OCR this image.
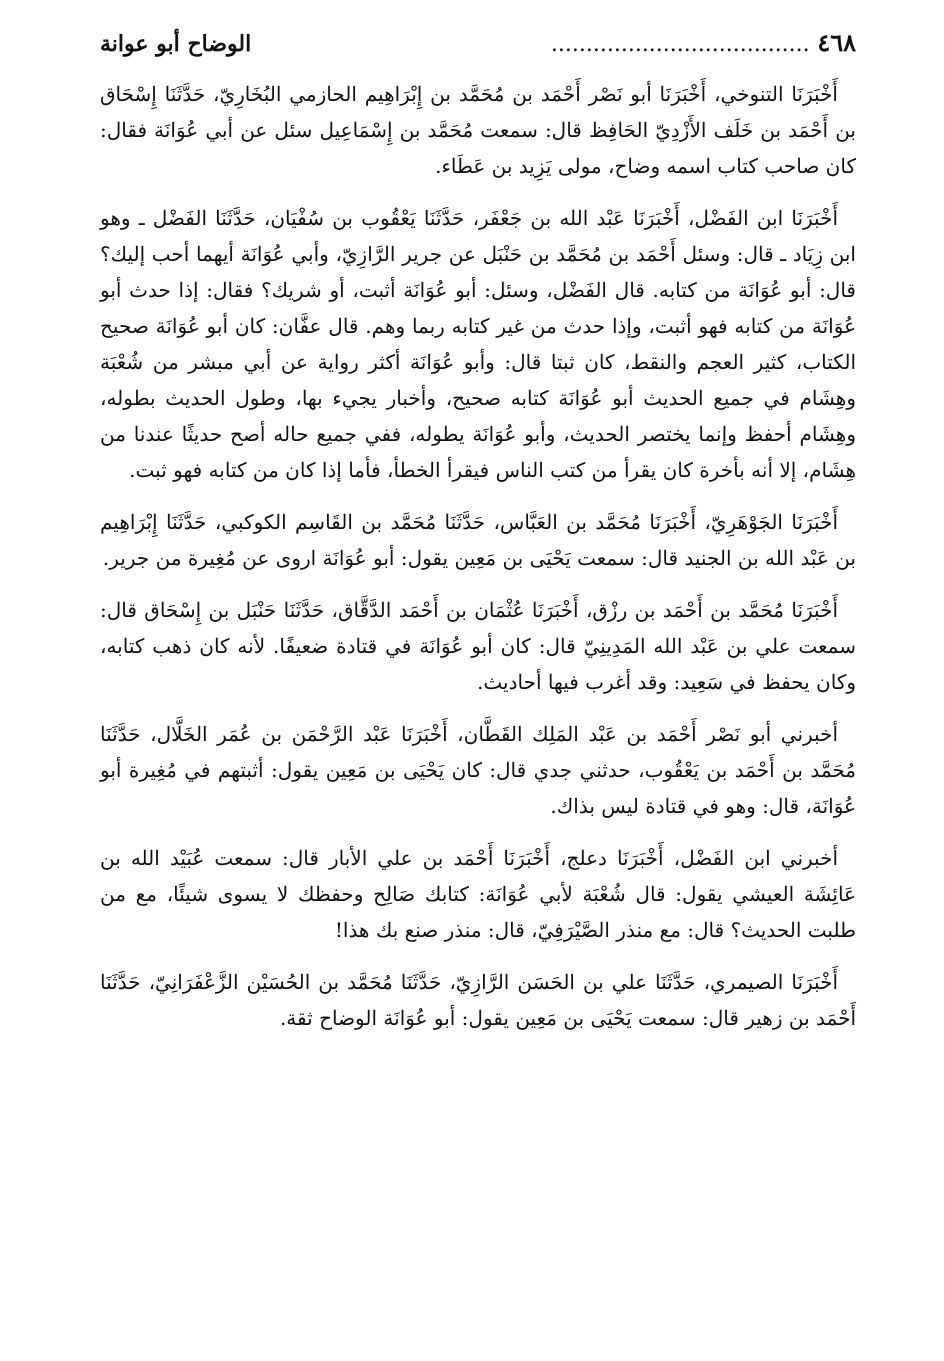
٤٦٨ .....................................
الوضاح أبو عوانة

أَخْبَرَنَا التنوخي، أَخْبَرَنَا أبو نَصْر أَحْمَد بن مُحَمَّد بن إِبْرَاهِيم الحازمي البُخَارِيّ، حَدَّثَنَا إِسْحَاق بن أَحْمَد بن خَلَف الأَزْدِيّ الحَافِظ قال: سمعت مُحَمَّد بن إِسْمَاعِيل سئل عن أبي عُوَانَة فقال: كان صاحب كتاب اسمه وضاح، مولى يَزِيد بن عَطَاء.

أَخْبَرَنَا ابن الفَضْل، أَخْبَرَنَا عَبْد الله بن جَعْفَر، حَدَّثَنَا يَعْقُوب بن سُفْيَان، حَدَّثَنَا الفَضْل ـ وهو ابن زِيَاد ـ قال: وسئل أَحْمَد بن مُحَمَّد بن حَنْبَل عن جرير الرَّازِيّ، وأبي عُوَانَة أيهما أحب إليك؟ قال: أبو عُوَانَة من كتابه. قال الفَضْل، وسئل: أبو عُوَانَة أثبت، أو شريك؟ فقال: إذا حدث أبو عُوَانَة من كتابه فهو أثبت، وإذا حدث من غير كتابه ربما وهم. قال عفَّان: كان أبو عُوَانَة صحيح الكتاب، كثير العجم والنقط، كان ثبتا قال: وأبو عُوَانَة أكثر رواية عن أبي مبشر من شُعْبَة وهِشَام في جميع الحديث أبو عُوَانَة كتابه صحيح، وأخبار يجيء بها، وطول الحديث بطوله، وهِشَام أحفظ وإنما يختصر الحديث، وأبو عُوَانَة يطوله، ففي جميع حاله أصح حديثًا عندنا من هِشَام، إلا أنه بأخرة كان يقرأ من كتب الناس فيقرأ الخطأ، فأما إذا كان من كتابه فهو ثبت.

أَخْبَرَنَا الجَوْهَرِيّ، أَخْبَرَنَا مُحَمَّد بن العَبَّاس، حَدَّثَنَا مُحَمَّد بن القَاسِم الكوكبي، حَدَّثَنَا إِبْرَاهِيم بن عَبْد الله بن الجنيد قال: سمعت يَحْيَى بن مَعِين يقول: أبو عُوَانَة اروى عن مُغِيرة من جرير.

أَخْبَرَنَا مُحَمَّد بن أَحْمَد بن رزْق، أَخْبَرَنَا عُثْمَان بن أَحْمَد الدَّقَّاق، حَدَّثَنَا حَنْبَل بن إِسْحَاق قال: سمعت علي بن عَبْد الله المَدِينِيّ قال: كان أبو عُوَانَة في قتادة ضعيفًا. لأنه كان ذهب كتابه، وكان يحفظ في سَعِيد: وقد أغرب فيها أحاديث.

أخبرني أبو نَصْر أَحْمَد بن عَبْد المَلِك القَطَّان، أَخْبَرَنَا عَبْد الرَّحْمَن بن عُمَر الخَلَّال، حَدَّثَنَا مُحَمَّد بن أَحْمَد بن يَعْقُوب، حدثني جدي قال: كان يَحْيَى بن مَعِين يقول: أثبتهم في مُغِيرة أبو عُوَانَة، قال: وهو في قتادة ليس بذاك.

أخبرني ابن الفَضْل، أَخْبَرَنَا دعلج، أَخْبَرَنَا أَحْمَد بن علي الأبار قال: سمعت عُبَيْد الله بن عَائِشَة العيشي يقول: قال شُعْبَة لأبي عُوَانَة: كتابك صَالِح وحفظك لا يسوى شيئًا، مع من طلبت الحديث؟ قال: مع منذر الصَّيْرَفِيّ، قال: منذر صنع بك هذا!

أَخْبَرَنَا الصيمري، حَدَّثَنَا علي بن الحَسَن الرَّازِيّ، حَدَّثَنَا مُحَمَّد بن الحُسَيْن الزَّعْفَرَانِيّ، حَدَّثَنَا أَحْمَد بن زهير قال: سمعت يَحْيَى بن مَعِين يقول: أبو عُوَانَة الوضاح ثقة.
